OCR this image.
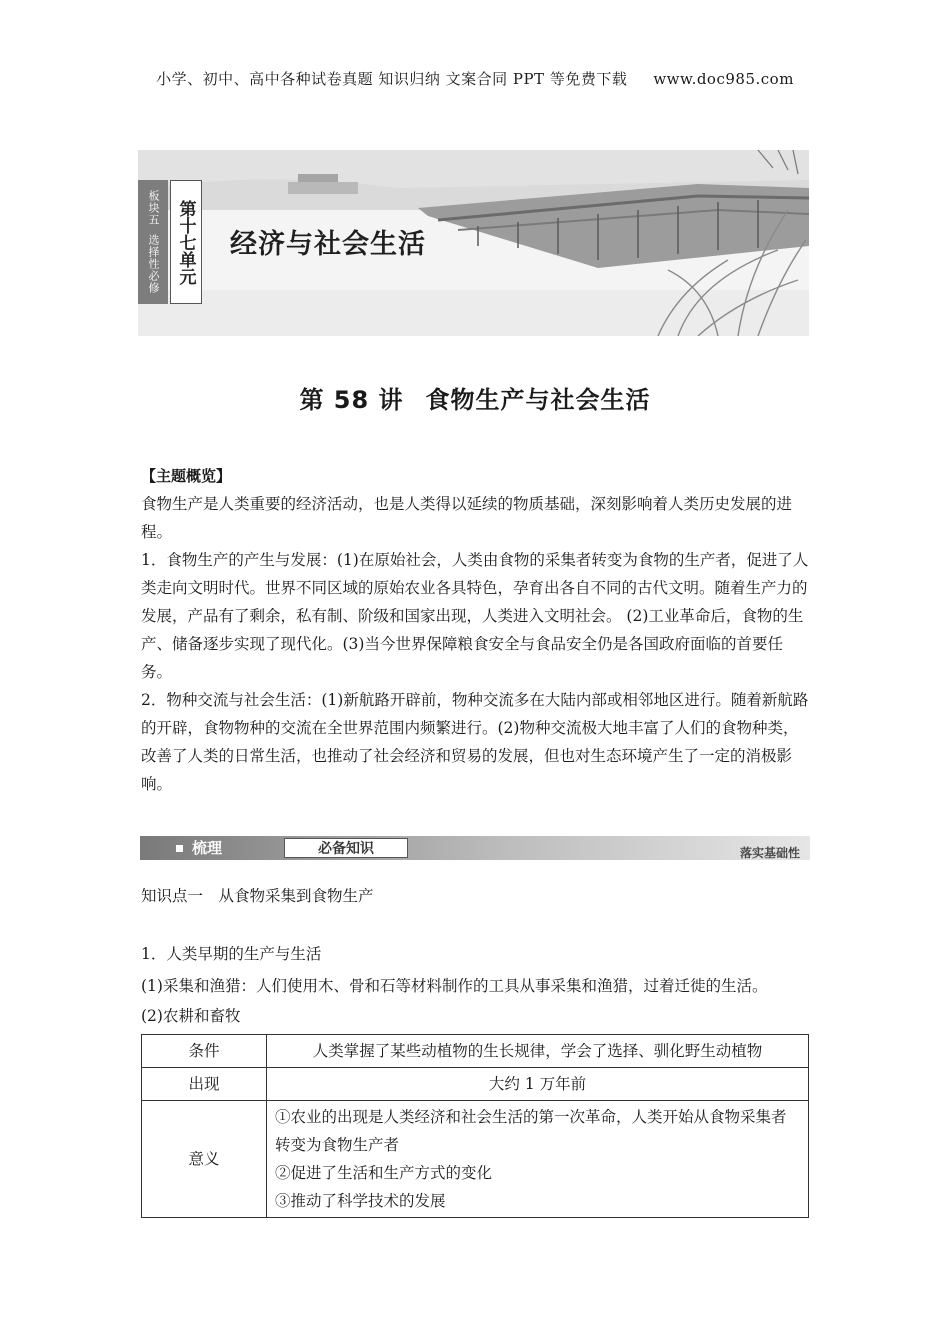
小学、初中、高中各种试卷真题 知识归纳 文案合同 PPT 等免费下载 www.doc985.com
板块五
选择性必修 第十七单元 经济与社会生活
第 58 讲 食物生产与社会生活

【主题概览】

食物生产是人类重要的经济活动，也是人类得以延续的物质基础，深刻影响着人类历史发展的进程。

1．食物生产的产生与发展：(1)在原始社会，人类由食物的采集者转变为食物的生产者，促进了人类走向文明时代。世界不同区域的原始农业各具特色，孕育出各自不同的古代文明。随着生产力的发展，产品有了剩余，私有制、阶级和国家出现，人类进入文明社会。 (2)工业革命后，食物的生产、储备逐步实现了现代化。(3)当今世界保障粮食安全与食品安全仍是各国政府面临的首要任务。

2．物种交流与社会生活：(1)新航路开辟前，物种交流多在大陆内部或相邻地区进行。随着新航路的开辟，食物物种的交流在全世界范围内频繁进行。(2)物种交流极大地丰富了人们的食物种类，改善了人类的日常生活，也推动了社会经济和贸易的发展，但也对生态环境产生了一定的消极影响。

梳理	必备知识	落实基础性
知识点一　从食物采集到食物生产

1．人类早期的生产与生活

(1)采集和渔猎：人们使用木、骨和石等材料制作的工具从事采集和渔猎，过着迁徙的生活。

(2)农耕和畜牧

条件	人类掌握了某些动植物的生长规律，学会了选择、驯化野生动植物
出现	大约 1 万年前
意义	①农业的出现是人类经济和社会生活的第一次革命，人类开始从食物采集者转变为食物生产者
②促进了生活和生产方式的变化
③推动了科学技术的发展
